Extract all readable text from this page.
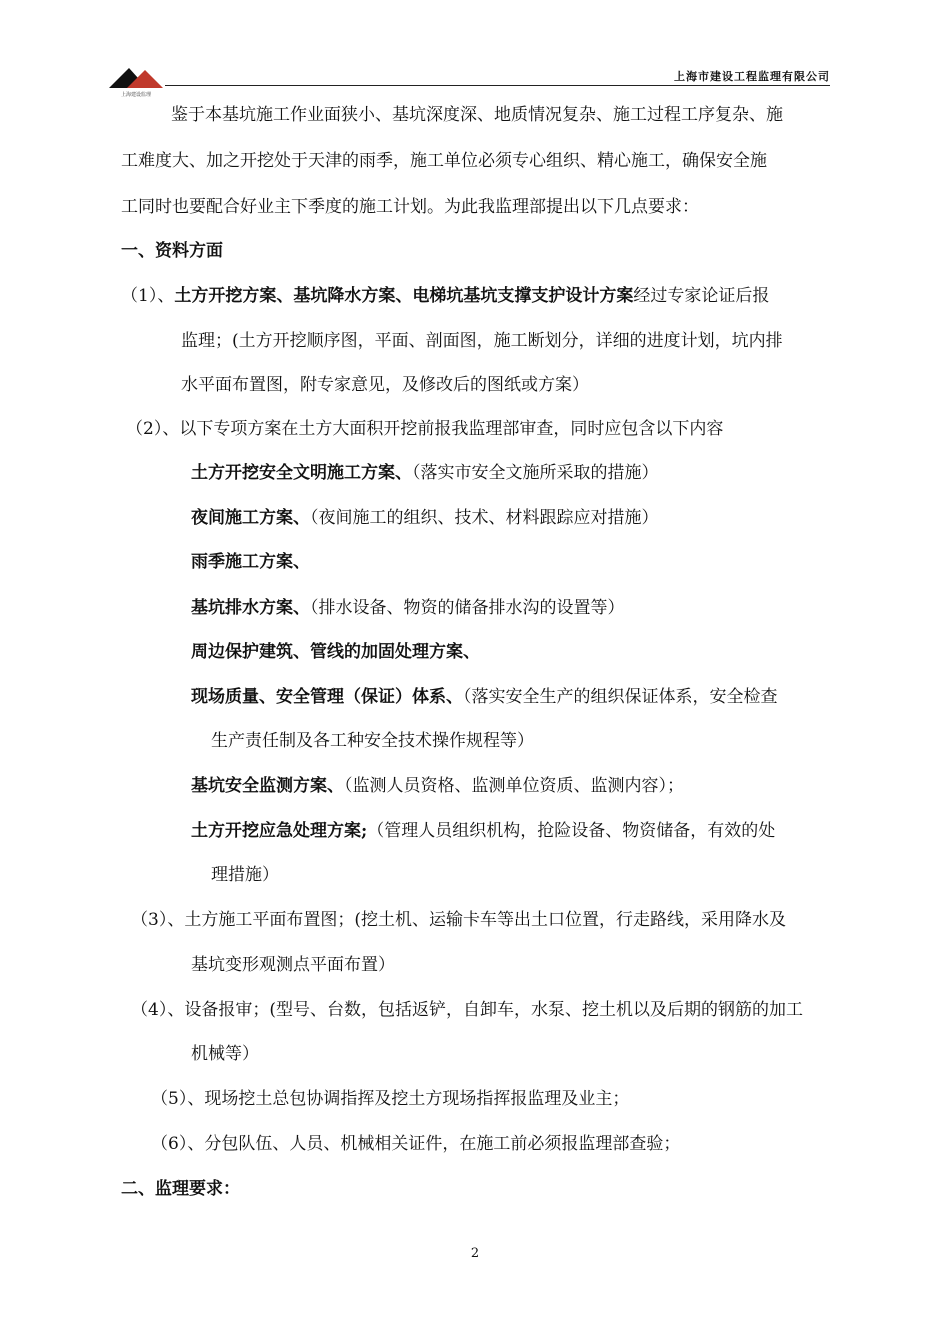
上海建设监理
上海市建设工程监理有限公司
鉴于本基坑施工作业面狭小、基坑深度深、地质情况复杂、施工过程工序复杂、施
工难度大、加之开挖处于天津的雨季，施工单位必须专心组织、精心施工，确保安全施
工同时也要配合好业主下季度的施工计划。为此我监理部提出以下几点要求：
一、资料方面
（1）、土方开挖方案、基坑降水方案、电梯坑基坑支撑支护设计方案经过专家论证后报
监理；(土方开挖顺序图，平面、剖面图，施工断划分，详细的进度计划，坑内排
水平面布置图，附专家意见，及修改后的图纸或方案）
（2）、以下专项方案在土方大面积开挖前报我监理部审查，同时应包含以下内容
土方开挖安全文明施工方案、（落实市安全文施所采取的措施）
夜间施工方案、（夜间施工的组织、技术、材料跟踪应对措施）
雨季施工方案、
基坑排水方案、（排水设备、物资的储备排水沟的设置等）
周边保护建筑、管线的加固处理方案、
现场质量、安全管理（保证）体系、（落实安全生产的组织保证体系，安全检查
生产责任制及各工种安全技术操作规程等）
基坑安全监测方案、（监测人员资格、监测单位资质、监测内容）；
土方开挖应急处理方案;（管理人员组织机构，抢险设备、物资储备，有效的处
理措施）
（3）、土方施工平面布置图；(挖土机、运输卡车等出土口位置，行走路线，采用降水及
基坑变形观测点平面布置）
（4）、设备报审；(型号、台数，包括返铲，自卸车，水泵、挖土机以及后期的钢筋的加工
机械等）
（5）、现场挖土总包协调指挥及挖土方现场指挥报监理及业主；
（6）、分包队伍、人员、机械相关证件，在施工前必须报监理部查验；
二、监理要求：
2
